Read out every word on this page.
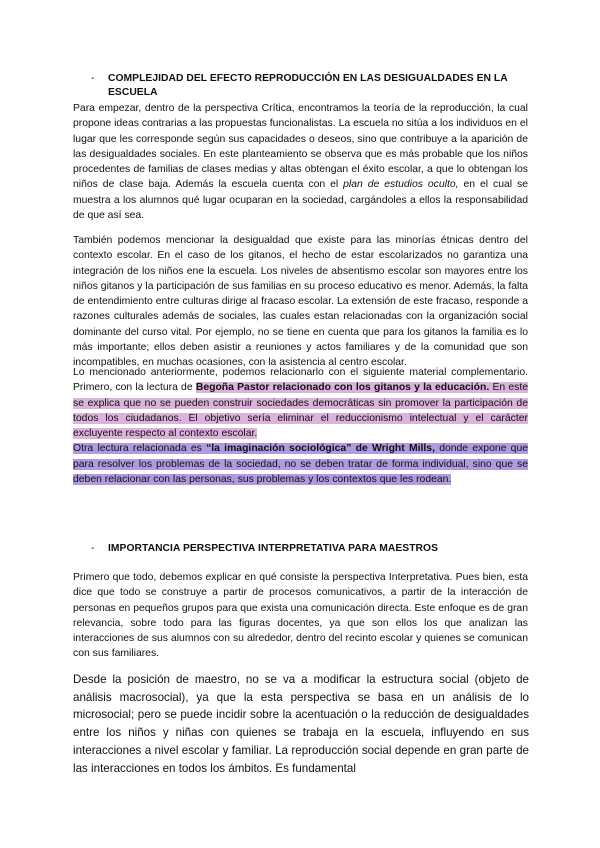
- COMPLEJIDAD DEL EFECTO REPRODUCCIÓN EN LAS DESIGUALDADES EN LA ESCUELA

Para empezar, dentro de la perspectiva Crítica, encontramos la teoría de la reproducción, la cual propone ideas contrarias a las propuestas funcionalistas. La escuela no sitúa a los individuos en el lugar que les corresponde según sus capacidades o deseos, sino que contribuye a la aparición de las desigualdades sociales. En este planteamiento se observa que es más probable que los niños procedentes de familias de clases medias y altas obtengan el éxito escolar, a que lo obtengan los niños de clase baja. Además la escuela cuenta con el plan de estudios oculto, en el cual se muestra a los alumnos qué lugar ocuparan en la sociedad, cargándoles a ellos la responsabilidad de que así sea.

También podemos mencionar la desigualdad que existe para las minorías étnicas dentro del contexto escolar. En el caso de los gitanos, el hecho de estar escolarizados no garantiza una integración de los niños ene la escuela. Los niveles de absentismo escolar son mayores entre los niños gitanos y la participación de sus familias en su proceso educativo es menor. Además, la falta de entendimiento entre culturas dirige al fracaso escolar. La extensión de este fracaso, responde a razones culturales además de sociales, las cuales estan relacionadas con la organización social dominante del curso vital. Por ejemplo, no se tiene en cuenta que para los gitanos la familia es lo más importante; ellos deben asistir a reuniones y actos familiares y de la comunidad que son incompatibles, en muchas ocasiones, con la asistencia al centro escolar.

Lo mencionado anteriormente, podemos relacionarlo con el siguiente material complementario. Primero, con la lectura de Begoña Pastor relacionado con los gitanos y la educación. En este se explica que no se pueden construir sociedades democráticas sin promover la participación de todos los ciudadanos. El objetivo sería eliminar el reduccionismo intelectual y el carácter excluyente respecto al contexto escolar.
Otra lectura relacionada es “la imaginación sociológica” de Wright Mills, donde expone que para resolver los problemas de la sociedad, no se deben tratar de forma individual, sino que se deben relacionar con las personas, sus problemas y los contextos que les rodean.

- IMPORTANCIA PERSPECTIVA INTERPRETATIVA PARA MAESTROS

Primero que todo, debemos explicar en qué consiste la perspectiva Interpretativa. Pues bien, esta dice que todo se construye a partir de procesos comunicativos, a partir de la interacción de personas en pequeños grupos para que exista una comunicación directa. Este enfoque es de gran relevancia, sobre todo para las figuras docentes, ya que son ellos los que analizan las interacciones de sus alumnos con su alrededor, dentro del recinto escolar y quienes se comunican con sus familiares.

Desde la posición de maestro, no se va a modificar la estructura social (objeto de análisis macrosocial), ya que la esta perspectiva se basa en un análisis de lo microsocial; pero se puede incidir sobre la acentuación o la reducción de desigualdades entre los niños y niñas con quienes se trabaja en la escuela, influyendo en sus interacciones a nivel escolar y familiar. La reproducción social depende en gran parte de las interacciones en todos los ámbitos. Es fundamental
